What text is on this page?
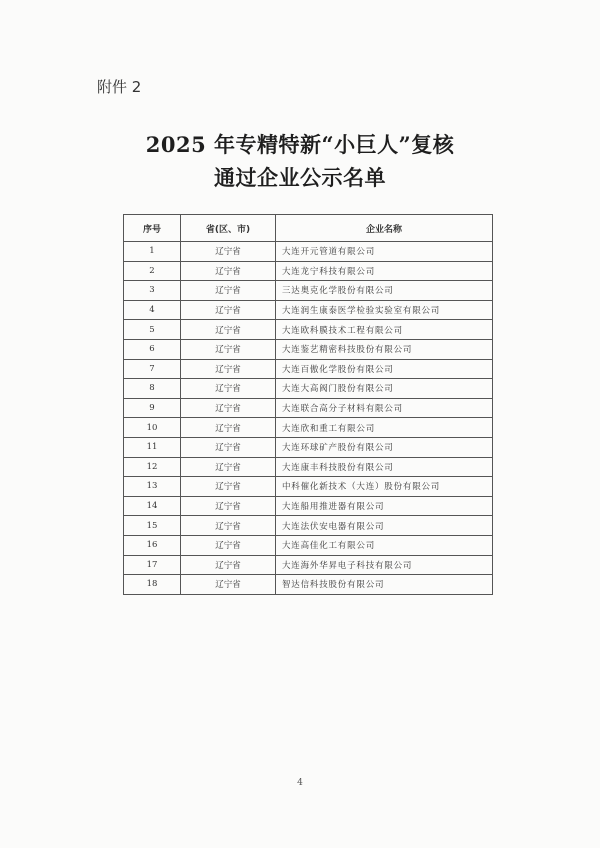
附件 2
2025 年专精特新“小巨人”复核
通过企业公示名单
序号	省(区、市)	企业名称
1	辽宁省	大连开元管道有限公司
2	辽宁省	大连龙宁科技有限公司
3	辽宁省	三达奥克化学股份有限公司
4	辽宁省	大连润生康泰医学检验实验室有限公司
5	辽宁省	大连欧科膜技术工程有限公司
6	辽宁省	大连鉴艺精密科技股份有限公司
7	辽宁省	大连百傲化学股份有限公司
8	辽宁省	大连大高阀门股份有限公司
9	辽宁省	大连联合高分子材料有限公司
10	辽宁省	大连欣和重工有限公司
11	辽宁省	大连环球矿产股份有限公司
12	辽宁省	大连康丰科技股份有限公司
13	辽宁省	中科催化新技术（大连）股份有限公司
14	辽宁省	大连船用推进器有限公司
15	辽宁省	大连法伏安电器有限公司
16	辽宁省	大连高佳化工有限公司
17	辽宁省	大连海外华昇电子科技有限公司
18	辽宁省	智达信科技股份有限公司
4
